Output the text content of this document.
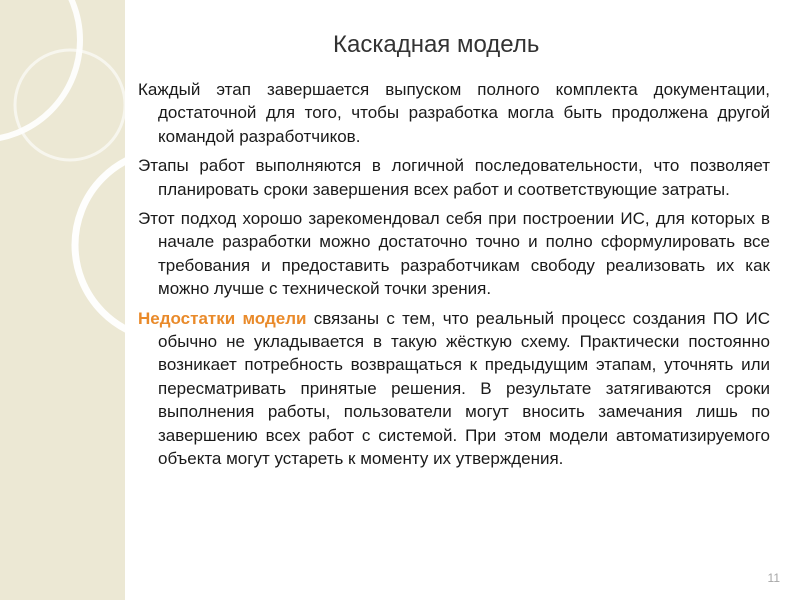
Каскадная модель

Каждый этап завершается выпуском полного комплекта документации, достаточной для того, чтобы разработка могла быть продолжена другой командой разработчиков.

Этапы работ выполняются в логичной последовательности, что позволяет планировать сроки завершения всех работ и соответствующие затраты.

Этот подход хорошо зарекомендовал себя при построении ИС, для которых в начале разработки можно достаточно точно и полно сформулировать все требования и предоставить разработчикам свободу реализовать их как можно лучше с технической точки зрения.

Недостатки модели связаны с тем, что реальный процесс создания ПО ИС обычно не укладывается в такую жёсткую схему. Практически постоянно возникает потребность возвращаться к предыдущим этапам, уточнять или пересматривать принятые решения. В результате затягиваются сроки выполнения работы, пользователи могут вносить замечания лишь по завершению всех работ с системой. При этом модели автоматизируемого объекта могут устареть к моменту их утверждения.

11
